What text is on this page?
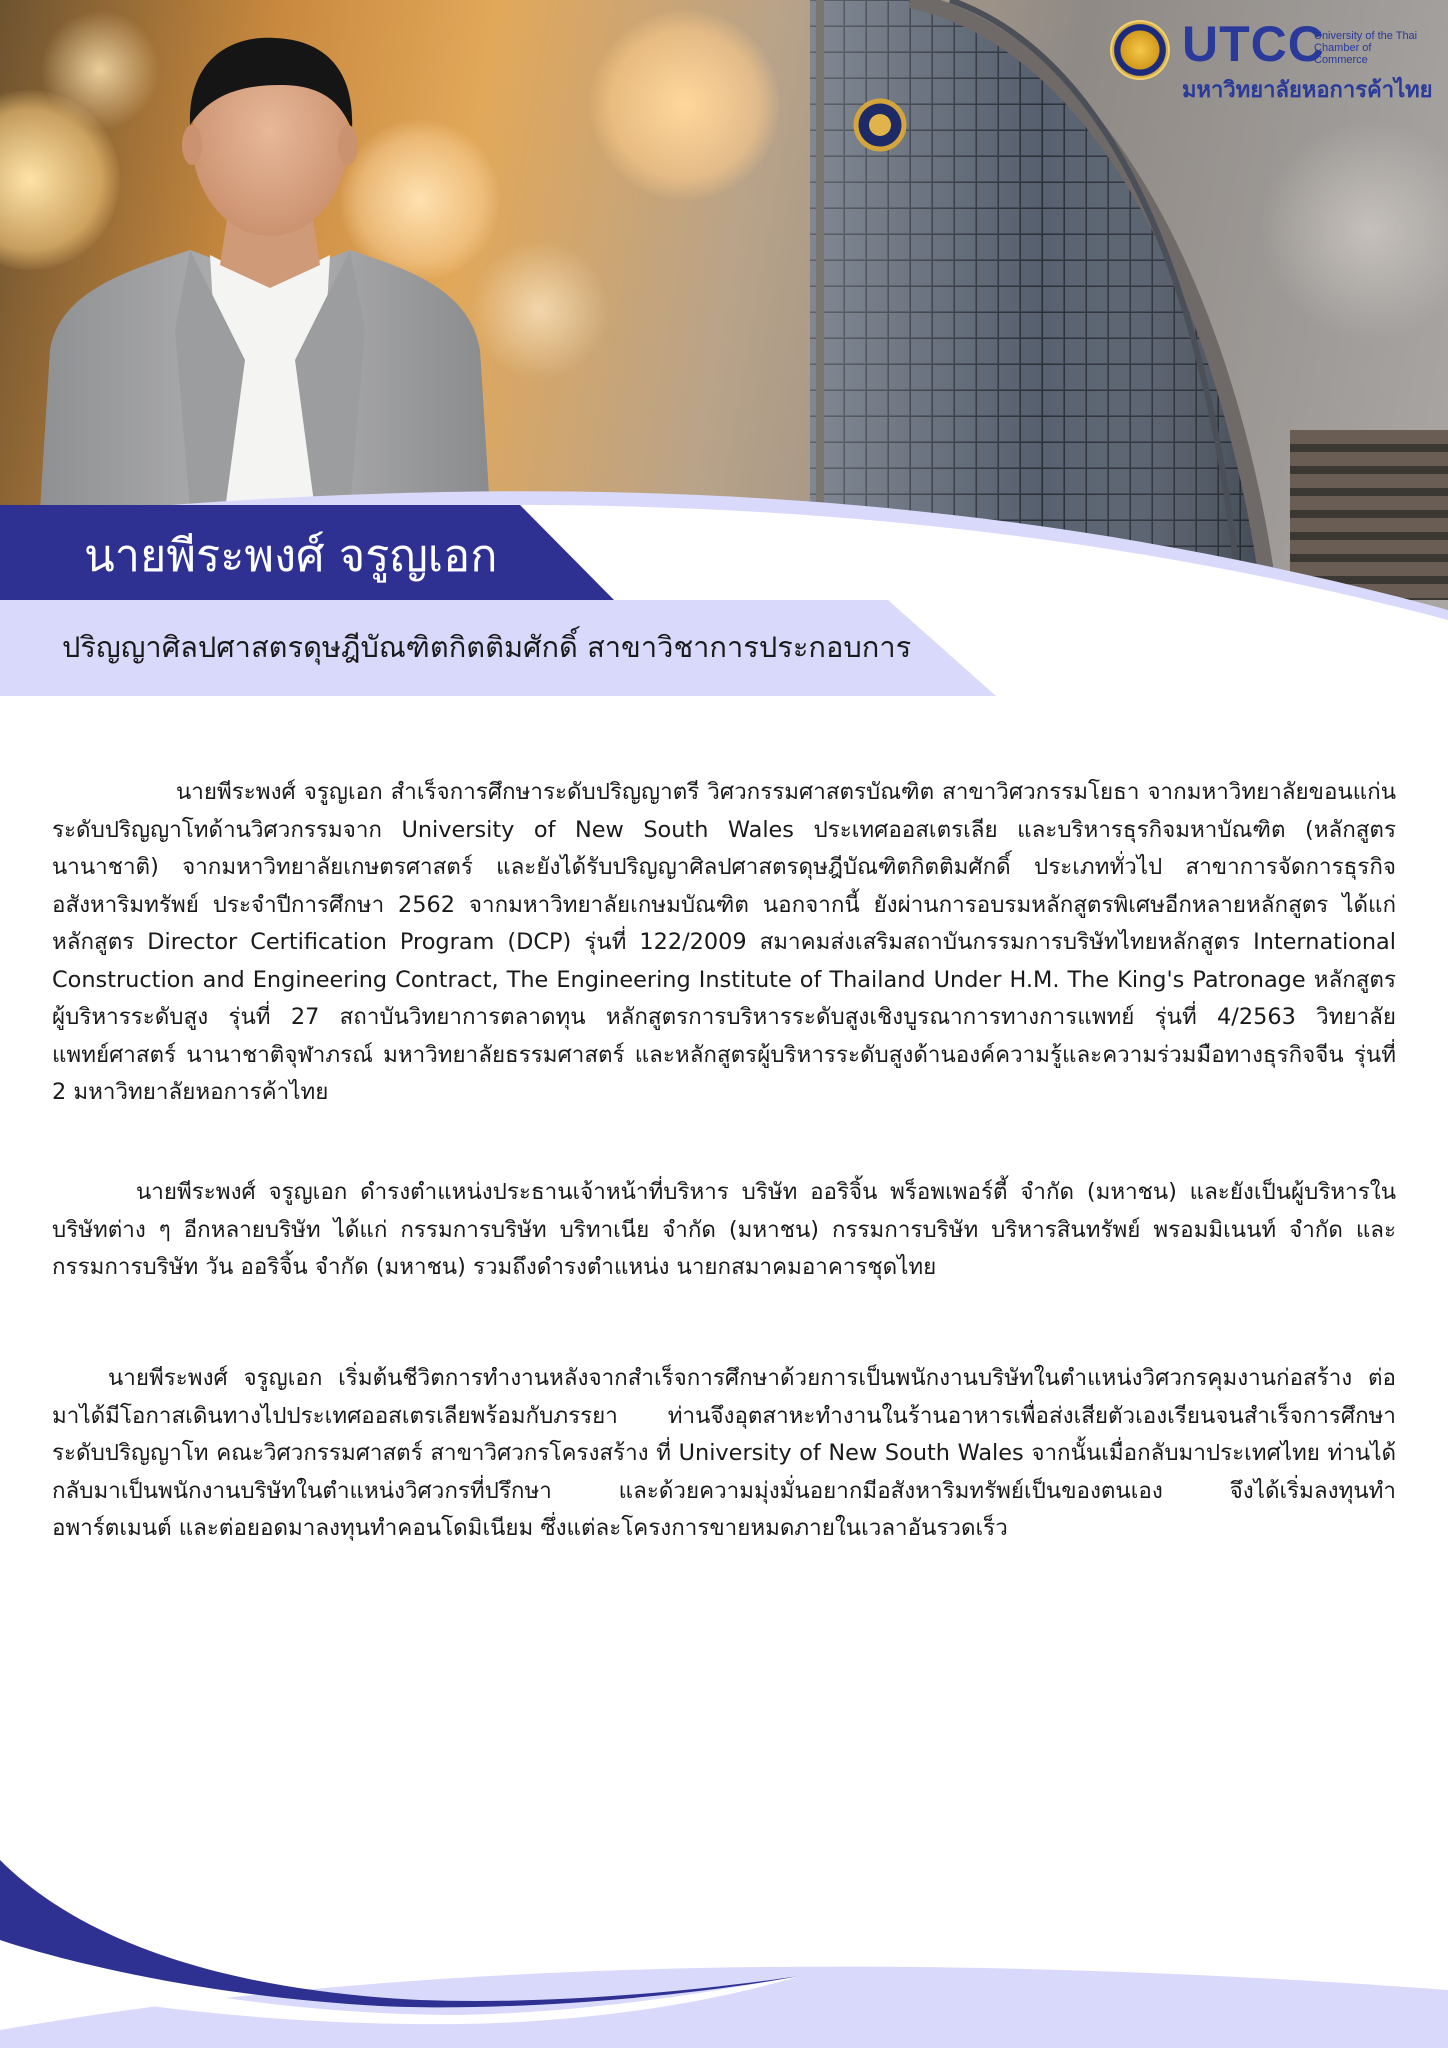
UTCC
University of the Thai Chamber of Commerce
มหาวิทยาลัยหอการค้าไทย
นายพีระพงศ์ จรูญเอก
ปริญญาศิลปศาสตรดุษฎีบัณฑิตกิตติมศักดิ์ สาขาวิชาการประกอบการ
นายพีระพงศ์ จรูญเอก สำเร็จการศึกษาระดับปริญญาตรี วิศวกรรมศาสตรบัณฑิต สาขาวิศวกรรมโยธา จากมหาวิทยาลัยขอนแก่น ระดับปริญญาโทด้านวิศวกรรมจาก University of New South Wales ประเทศออสเตรเลีย และบริหารธุรกิจมหาบัณฑิต (หลักสูตรนานาชาติ) จากมหาวิทยาลัยเกษตรศาสตร์ และยังได้รับปริญญาศิลปศาสตรดุษฎีบัณฑิตกิตติมศักดิ์ ประเภททั่วไป สาขาการจัดการธุรกิจอสังหาริมทรัพย์ ประจำปีการศึกษา 2562 จากมหาวิทยาลัยเกษมบัณฑิต นอกจากนี้ ยังผ่านการอบรมหลักสูตรพิเศษอีกหลายหลักสูตร ได้แก่ หลักสูตร Director Certification Program (DCP) รุ่นที่ 122/2009 สมาคมส่งเสริมสถาบันกรรมการบริษัทไทยหลักสูตร International Construction and Engineering Contract, The Engineering Institute of Thailand Under H.M. The King's Patronage หลักสูตรผู้บริหารระดับสูง รุ่นที่ 27 สถาบันวิทยาการตลาดทุน หลักสูตรการบริหารระดับสูงเชิงบูรณาการทางการแพทย์ รุ่นที่ 4/2563 วิทยาลัยแพทย์ศาสตร์ นานาชาติจุฬาภรณ์ มหาวิทยาลัยธรรมศาสตร์ และหลักสูตรผู้บริหารระดับสูงด้านองค์ความรู้และความร่วมมือทางธุรกิจจีน รุ่นที่ 2 มหาวิทยาลัยหอการค้าไทย
นายพีระพงศ์ จรูญเอก ดำรงตำแหน่งประธานเจ้าหน้าที่บริหาร บริษัท ออริจิ้น พร็อพเพอร์ตี้ จำกัด (มหาชน) และยังเป็นผู้บริหารในบริษัทต่าง ๆ อีกหลายบริษัท ได้แก่ กรรมการบริษัท บริทาเนีย จำกัด (มหาชน) กรรมการบริษัท บริหารสินทรัพย์ พรอมมิเนนท์ จำกัด และ กรรมการบริษัท วัน ออริจิ้น จำกัด (มหาชน) รวมถึงดำรงตำแหน่ง นายกสมาคมอาคารชุดไทย
นายพีระพงศ์ จรูญเอก เริ่มต้นชีวิตการทำงานหลังจากสำเร็จการศึกษาด้วยการเป็นพนักงานบริษัทในตำแหน่งวิศวกรคุมงานก่อสร้าง ต่อมาได้มีโอกาสเดินทางไปประเทศออสเตรเลียพร้อมกับภรรยา ท่านจึงอุตสาหะทำงานในร้านอาหารเพื่อส่งเสียตัวเองเรียนจนสำเร็จการศึกษาระดับปริญญาโท คณะวิศวกรรมศาสตร์ สาขาวิศวกรโครงสร้าง ที่ University of New South Wales จากนั้นเมื่อกลับมาประเทศไทย ท่านได้กลับมาเป็นพนักงานบริษัทในตำแหน่งวิศวกรที่ปรึกษา และด้วยความมุ่งมั่นอยากมีอสังหาริมทรัพย์เป็นของตนเอง จึงได้เริ่มลงทุนทำอพาร์ตเมนต์ และต่อยอดมาลงทุนทำคอนโดมิเนียม ซึ่งแต่ละโครงการขายหมดภายในเวลาอันรวดเร็ว
